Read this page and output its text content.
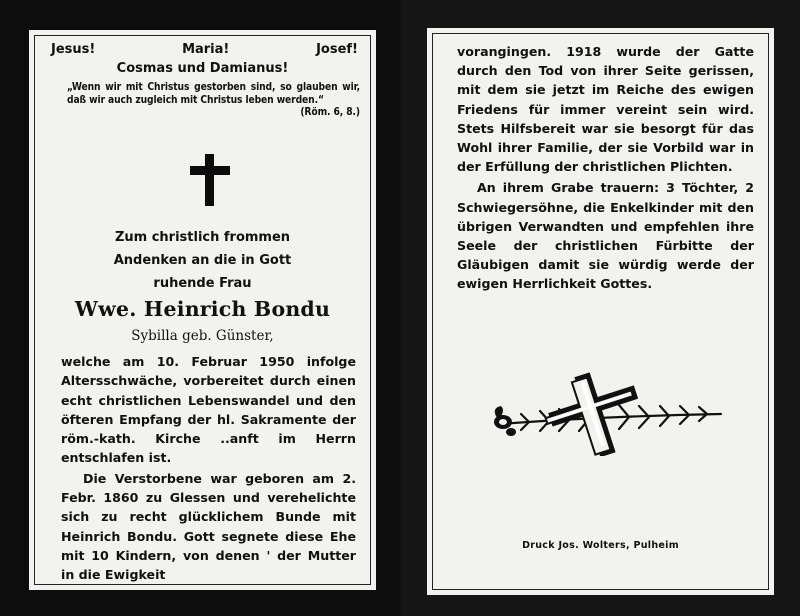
Jesus!	Maria!	Josef!
Cosmas und Damianus!
„Wenn wir mit Christus gestorben sind, so glauben wir, daß wir auch zugleich mit Christus leben werden.“
(Röm. 6, 8.)
Zum christlich frommen
Andenken an die in Gott
ruhende Frau
Wwe. Heinrich Bondu
Sybilla geb. Günster,

welche am 10. Februar 1950 infolge Altersschwäche, vorbereitet durch einen echt christlichen Lebenswandel und den öfteren Empfang der hl. Sakramente der röm.-kath. Kirche ..anft im Herrn entschlafen ist.

Die Verstorbene war geboren am 2. Febr. 1860 zu Glessen und verehelichte sich zu recht glücklichem Bunde mit Heinrich Bondu. Gott segnete diese Ehe mit 10 Kindern, von denen ' der Mutter in die Ewigkeit

vorangingen. 1918 wurde der Gatte durch den Tod von ihrer Seite gerissen, mit dem sie jetzt im Reiche des ewigen Friedens für immer vereint sein wird. Stets Hilfsbereit war sie besorgt für das Wohl ihrer Familie, der sie Vorbild war in der Erfüllung der christlichen Plichten.

An ihrem Grabe trauern: 3 Töchter, 2 Schwiegersöhne, die Enkelkinder mit den übrigen Verwandten und empfehlen ihre Seele der christlichen Fürbitte der Gläubigen damit sie würdig werde der ewigen Herrlichkeit Gottes.

Druck Jos. Wolters, Pulheim
